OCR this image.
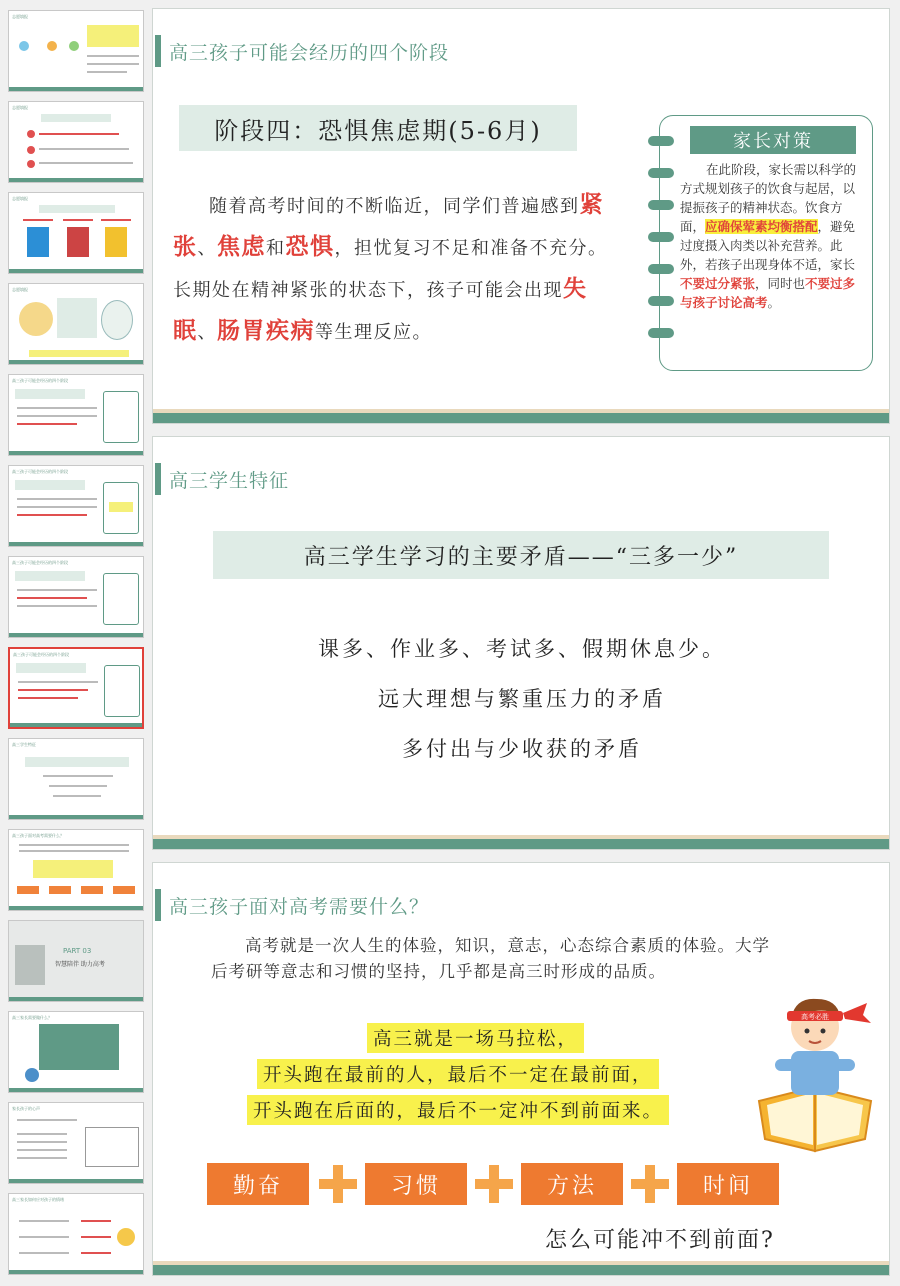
志愿填报
志愿填报
志愿填报
志愿填报
高三孩子可能会经历的四个阶段
高三孩子可能会经历的四个阶段
高三孩子可能会经历的四个阶段
高三孩子可能会经历的四个阶段
高三学生特征
高三孩子面对高考需要什么？
PART 03
智慧陪伴 助力高考
高三家长需要做什么？
家长孩子的心声
高三家长如何应对孩子的情绪
高三孩子可能会经历的四个阶段
阶段四：恐惧焦虑期(5-6月)
随着高考时间的不断临近，同学们普遍感到紧张、焦虑和恐惧，担忧复习不足和准备不充分。长期处在精神紧张的状态下，孩子可能会出现失眠、肠胃疾病等生理反应。
家长对策
在此阶段，家长需以科学的方式规划孩子的饮食与起居，以提振孩子的精神状态。饮食方面，应确保荤素均衡搭配，避免过度摄入肉类以补充营养。此外，若孩子出现身体不适，家长不要过分紧张，同时也不要过多与孩子讨论高考。
高三学生特征
高三学生学习的主要矛盾——“三多一少”
课多、作业多、考试多、假期休息少。
远大理想与繁重压力的矛盾
多付出与少收获的矛盾
高三孩子面对高考需要什么？
高考就是一次人生的体验，知识，意志，心态综合素质的体验。大学后考研等意志和习惯的坚持，几乎都是高三时形成的品质。
高三就是一场马拉松，
开头跑在最前的人，最后不一定在最前面，
开头跑在后面的，最后不一定冲不到前面来。
高考必胜
勤奋	习惯	方法	时间
怎么可能冲不到前面?
